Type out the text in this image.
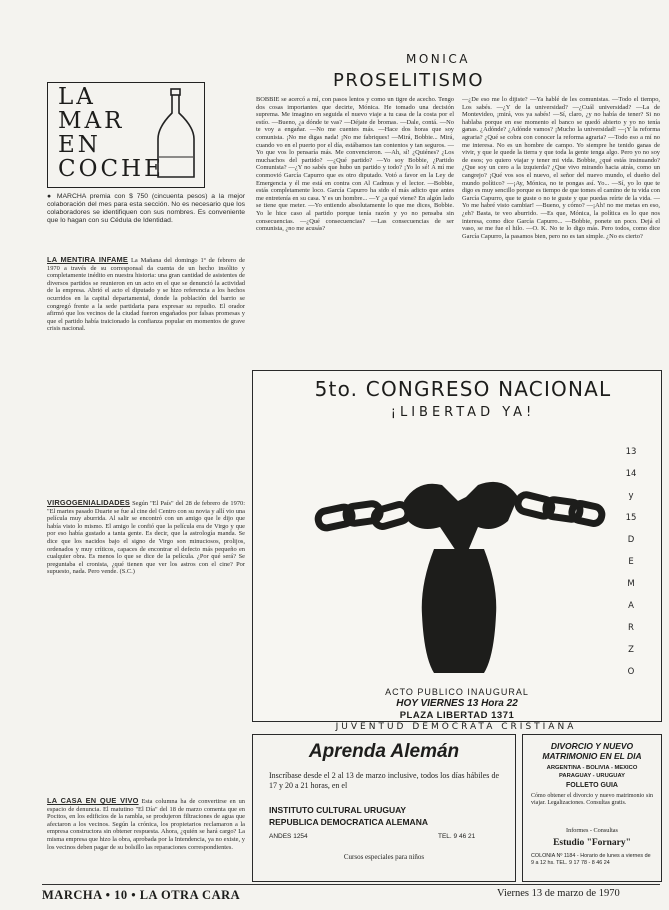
LA
MAR
EN
COCHE
● MARCHA premia con $ 750 (cincuenta pesos) a la mejor colaboración del mes para esta sección. No es necesario que los colaboradores se identifiquen con sus nombres. Es conveniente que lo hagan con su Cédula de Identidad.
LA MENTIRA INFAME La Mañana del domingo 1º de febrero de 1970 a través de su corresponsal da cuenta de un hecho insólito y completamente inédito en nuestra historia: una gran cantidad de asistentes de diversos partidos se reunieron en un acto en el que se denunció la actividad de la empresa. Abrió el acto el diputado y se hizo referencia a los hechos ocurridos en la capital departamental, donde la población del barrio se congregó frente a la sede partidaria para expresar su repudio. El orador afirmó que los vecinos de la ciudad fueron engañados por falsas promesas y que el partido había traicionado la confianza popular en momentos de grave crisis nacional.
VIRGOGENIALIDADES Según "El País" del 28 de febrero de 1970: "El martes pasado Duarte se fue al cine del Centro con su novia y allí vio una película muy aburrida. Al salir se encontró con un amigo que le dijo que había visto lo mismo. El amigo le confió que la película era de Virgo y que por eso había gustado a tanta gente. Es decir, que la astrología manda. Se dice que los nacidos bajo el signo de Virgo son minuciosos, prolijos, ordenados y muy críticos, capaces de encontrar el defecto más pequeño en cualquier obra. Es menos lo que se dice de la película. ¿Por qué será? Se preguntaba el cronista, ¿qué tienen que ver los astros con el cine? Por supuesto, nada. Pero vende. (S.C.)
LA CASA EN QUE VIVO Esta columna ha de convertirse en un espacio de denuncia. El matutino "El Día" del 18 de marzo comenta que en Pocitos, en los edificios de la rambla, se produjeron filtraciones de agua que afectaron a los vecinos. Según la crónica, los propietarios reclamaron a la empresa constructora sin obtener respuesta. Ahora, ¿quién se hará cargo? La misma empresa que hizo la obra, aprobada por la Intendencia, ya no existe, y los vecinos deben pagar de su bolsillo las reparaciones correspondientes.
MONICA
PROSELITISMO
BOBBIE se acercó a mí, con pasos lentos y como un tigre de acecho. Tengo dos cosas importantes que decirte, Mónica. He tomado una decisión suprema. Me imagino en seguida el nuevo viaje a tu casa de la costa por el estío. —Bueno, ¿a dónde te vas? —Déjate de bromas. —Dale, contá. —No te voy a engañar. —No me cuentes más. —Hace dos horas que soy comunista. ¡No me digas nada! ¡No me fabriques! —Mirá, Bobbie... Mirá, cuando vo en el puerto por el día, estábamos tan contentos y tan seguros. —Yo que vos lo pensaría más. Me convencieron. —Ah, sí! ¿Quiénes? ¿Los muchachos del partido? —¿Qué partido? —Yo soy Bobbie, ¿Partido Comunista? —¿Y no sabés que hubo un partido y todo? ¡Yo lo sé! A mí me conmovió García Capurro que es otro diputado. Votó a favor en la Ley de Emergencia y él me está en contra con Al Cadmus y el lector. —Bobbie, estás completamente loco. García Capurro ha sido el más adicto que antes me entretenía en su casa. Y es un hombre... —Y ¿a qué viene? En algún lado se tiene que meter. —Yo entiendo absolutamente lo que me dices, Bobbie. Yo le hice caso al partido porque tenía razón y yo no pensaba sin consecuencias. —¿Qué consecuencias? —Las consecuencias de ser comunista, ¿no me acusás?
—¿De eso me lo dijiste? —Ya hablé de les comunistas. —Todo el tiempo, Los sabés. —¿Y de la universidad? —¿Cuál universidad? —La de Montevideo, ¡mirá, vos ya sabés! —Sí, claro, ¿y no había de tener? Si no hablaba porque en ese momento el banco se quedó abierto y yo no tenía ganas. ¿Adónde? ¿Adónde vamos? ¡Mucho la universidad! —¡Y la reforma agraria? ¿Qué se cobra con conocer la reforma agraria? —Todo eso a mí no me interesa. No es un hombre de campo. Yo siempre he tenido ganas de vivir, y que le quede la tierra y que toda la gente tenga algo. Pero yo no soy de esos; yo quiero viajar y tener mi vida. Bobbie, ¿qué estás insinuando? ¿Que soy un cero a la izquierda? ¿Que vivo mirando hacia atrás, como un cangrejo? ¡Qué vos sos el nuevo, el señor del nuevo mundo, el dueño del mundo político? —¡Ay, Mónica, no te pongas así. Yo... —Sí, yo lo que te digo es muy sencillo porque es tiempo de que tomes el camino de tu vida con García Capurro, que te guste o no te guste y que puedas reírte de la vida. —Yo me habré visto cambiar! —Bueno, y cómo? —¡Ah! no me metas en eso, ¿eh? Basta, te veo aburrido. —Es que, Mónica, la política es lo que nos interesa, como dice García Capurro... —Bobbie, ponete un poco. Dejá el vaso, se me fue el hilo. —O. K. No te lo digo más. Pero todos, como dice García Capurro, la pasamos bien, pero no es tan simple. ¿No es cierto?
5to. CONGRESO NACIONAL
¡LIBERTAD YA!
13
14
y
15
D
E
M
A
R
Z
O
ACTO PUBLICO INAUGURAL
HOY VIERNES 13 Hora 22
PLAZA LIBERTAD 1371
JUVENTUD DEMOCRATA CRISTIANA
Aprenda Alemán
Inscríbase desde el 2 al 13 de marzo inclusive, todos los días hábiles de 17 y 20 a 21 horas, en el
INSTITUTO CULTURAL URUGUAY
REPUBLICA DEMOCRATICA ALEMANA
ANDES 1254	TEL. 9 46 21
Cursos especiales para niños
DIVORCIO Y NUEVO MATRIMONIO EN EL DIA
ARGENTINA - BOLIVIA - MEXICO
PARAGUAY - URUGUAY
FOLLETO GUIA
Cómo obtener el divorcio y nuevo matrimonio sin viajar. Legalizaciones. Consultas gratis.
Informes - Consultas
Estudio "Fornary"
COLONIA Nº 1184 - Horario de lunes a viernes de 9 a 12 hs. TEL. 9 17 78 - 8 46 24
MARCHA • 10 • LA OTRA CARA	Viernes 13 de marzo de 1970
